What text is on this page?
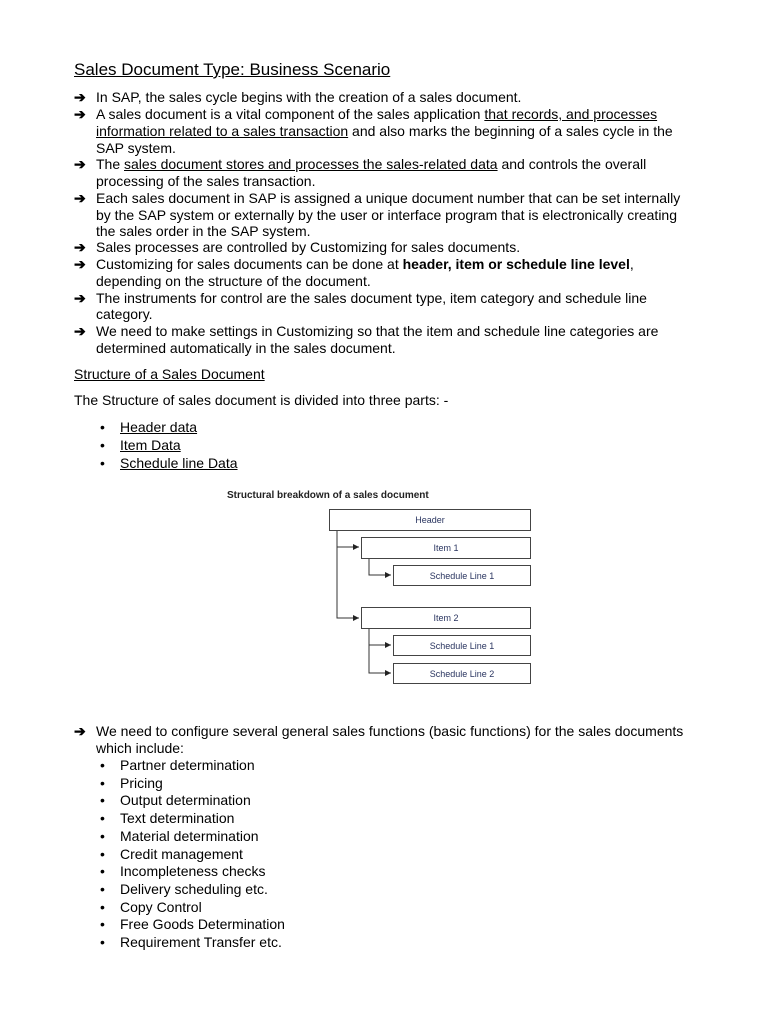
Sales Document Type: Business Scenario
➔ In SAP, the sales cycle begins with the creation of a sales document.
➔ A sales document is a vital component of the sales application that records, and processes
information related to a sales transaction and also marks the beginning of a sales cycle in the
SAP system.
➔ The sales document stores and processes the sales-related data and controls the overall
processing of the sales transaction.
➔ Each sales document in SAP is assigned a unique document number that can be set internally
by the SAP system or externally by the user or interface program that is electronically creating
the sales order in the SAP system.
➔ Sales processes are controlled by Customizing for sales documents.
➔ Customizing for sales documents can be done at header, item or schedule line level,
depending on the structure of the document.
➔ The instruments for control are the sales document type, item category and schedule line
category.
➔ We need to make settings in Customizing so that the item and schedule line categories are
determined automatically in the sales document.
Structure of a Sales Document
The Structure of sales document is divided into three parts: -
• Header data
• Item Data
• Schedule line Data
Structural breakdown of a sales document
Header
Item 1
Schedule Line 1
Item 2
Schedule Line 1
Schedule Line 2
➔ We need to configure several general sales functions (basic functions) for the sales documents
which include:
• Partner determination
• Pricing
• Output determination
• Text determination
• Material determination
• Credit management
• Incompleteness checks
• Delivery scheduling etc.
• Copy Control
• Free Goods Determination
• Requirement Transfer etc.
